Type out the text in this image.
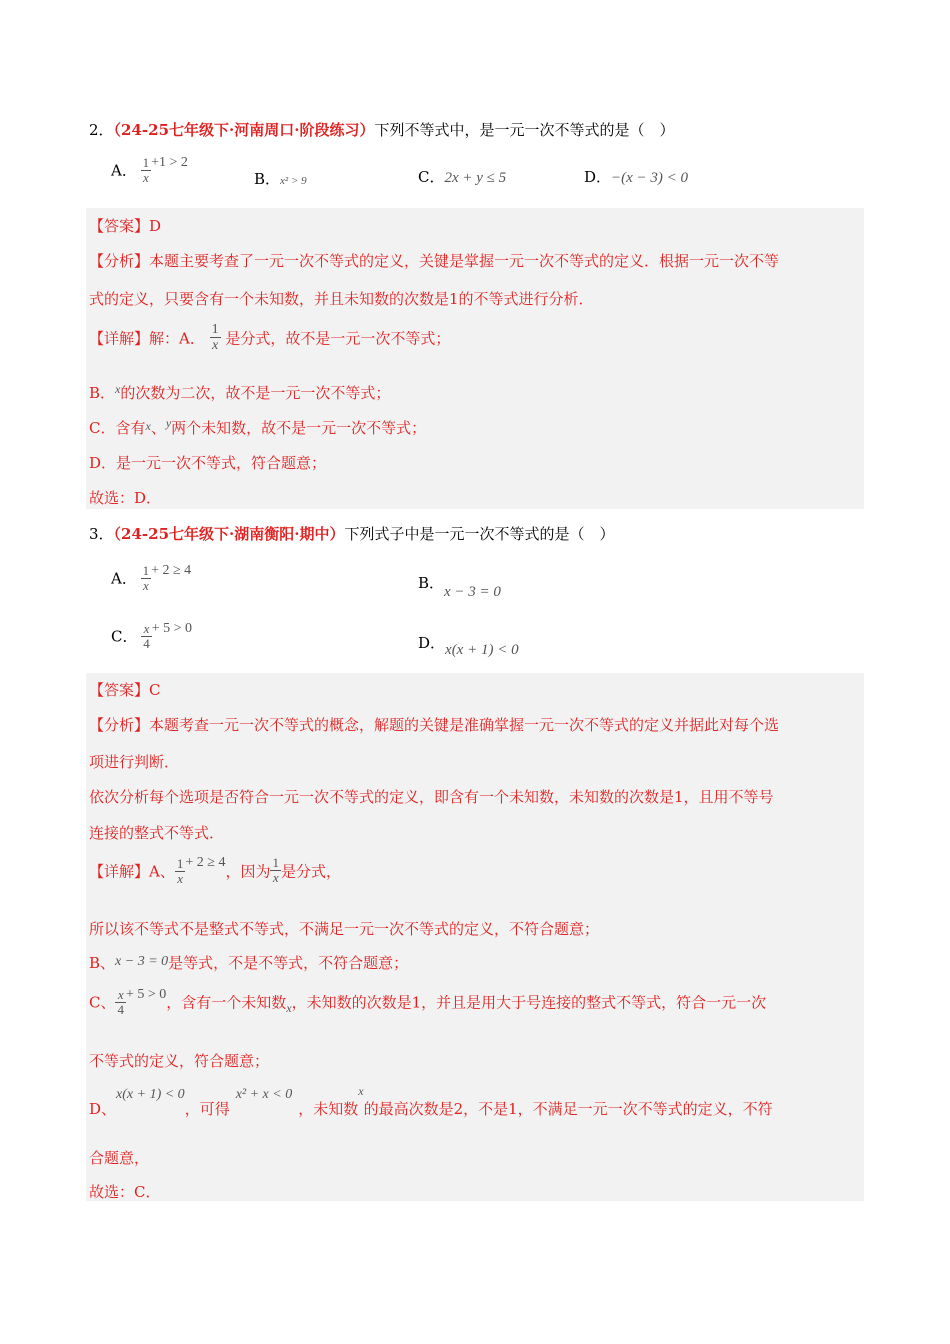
2．（24-25七年级下·河南周口·阶段练习）下列不等式中，是一元一次不等式的是（　）
A． $\frac{1}{x} +1 > 2$
B．x² > 9	C．2x + y ≤ 5	D．−(x − 3) < 0
【答案】D
【分析】本题主要考查了一元一次不等式的定义，关键是掌握一元一次不等式的定义．根据一元一次不等
式的定义，只要含有一个未知数，并且未知数的次数是1的不等式进行分析．
【详解】解：A． $\frac{1}{x}$ 是分式，故不是一元一次不等式；
B．$^x$的次数为二次，故不是一元一次不等式；
C．含有$^x$、$^y$两个未知数，故不是一元一次不等式；
D．是一元一次不等式，符合题意；
故选：D．
3．（24-25七年级下·湖南衡阳·期中）下列式子中是一元一次不等式的是（　）
A． $\frac{1}{x} + 2 \ge 4$
B．x − 3 = 0
C． $\frac{x}{4} + 5 > 0$
D．x(x + 1) < 0
【答案】C
【分析】本题考查一元一次不等式的概念，解题的关键是准确掌握一元一次不等式的定义并据此对每个选
项进行判断．
依次分析每个选项是否符合一元一次不等式的定义，即含有一个未知数，未知数的次数是1，且用不等号
连接的整式不等式．
【详解】A、 $\frac{1}{x} + 2 \ge 4$，因为 $\frac{1}{x}$ 是分式，
所以该不等式不是整式不等式，不满足一元一次不等式的定义，不符合题意；
B、x − 3 = 0是等式，不是不等式，不符合题意；
C、 $\frac{x}{4} + 5 > 0$，含有一个未知数$_x$，未知数的次数是1，并且是用大于号连接的整式不等式，符合一元一次
不等式的定义，符合题意；
D、x(x + 1) < 0，可得x² + x < 0，未知数$^x$的最高次数是2，不是1，不满足一元一次不等式的定义，不符
合题意，
故选：C．
